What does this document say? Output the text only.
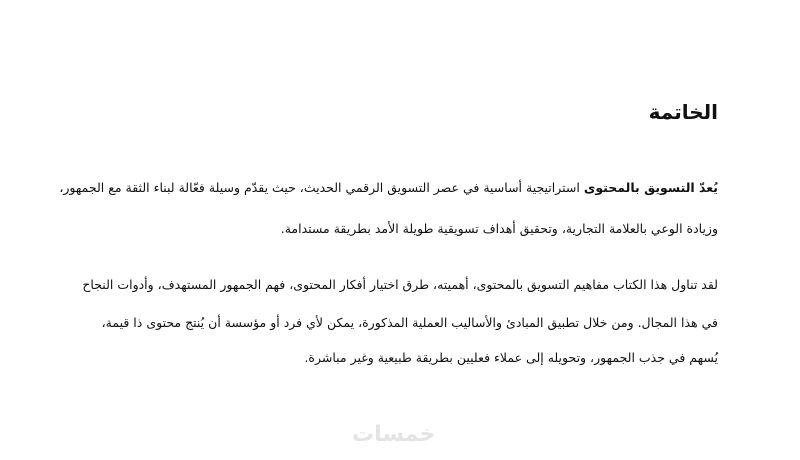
الخاتمة

يُعدّ التسويق بالمحتوى استراتيجية أساسية في عصر التسويق الرقمي الحديث، حيث يقدّم وسيلة فعّالة لبناء الثقة مع الجمهور،

وزيادة الوعي بالعلامة التجارية، وتحقيق أهداف تسويقية طويلة الأمد بطريقة مستدامة.

لقد تناول هذا الكتاب مفاهيم التسويق بالمحتوى، أهميته، طرق اختيار أفكار المحتوى، فهم الجمهور المستهدف، وأدوات النجاح

في هذا المجال. ومن خلال تطبيق المبادئ والأساليب العملية المذكورة، يمكن لأي فرد أو مؤسسة أن يُنتج محتوى ذا قيمة،

يُسهم في جذب الجمهور، وتحويله إلى عملاء فعليين بطريقة طبيعية وغير مباشرة.

خمسات
